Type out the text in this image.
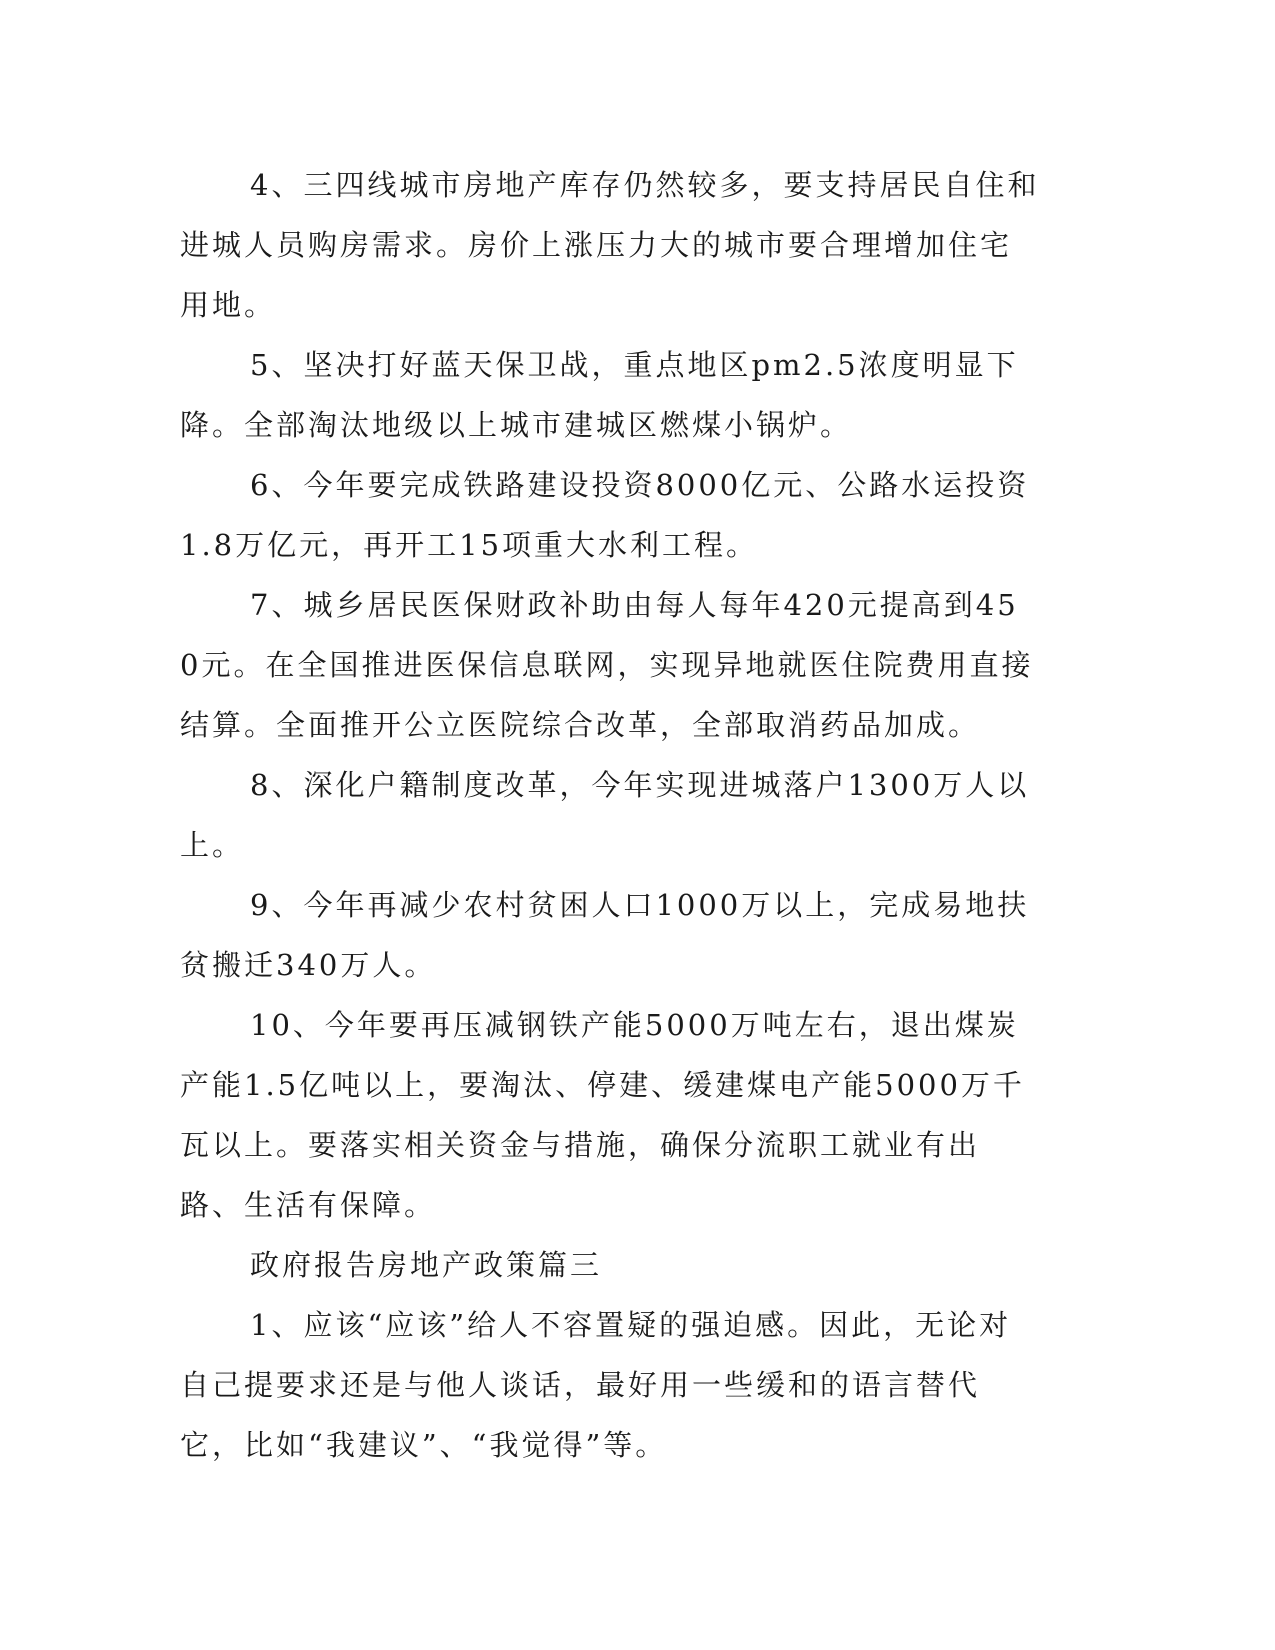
4、三四线城市房地产库存仍然较多，要支持居民自住和进城人员购房需求。房价上涨压力大的城市要合理增加住宅用地。

5、坚决打好蓝天保卫战，重点地区pm2.5浓度明显下降。全部淘汰地级以上城市建城区燃煤小锅炉。

6、今年要完成铁路建设投资8000亿元、公路水运投资1.8万亿元，再开工15项重大水利工程。

7、城乡居民医保财政补助由每人每年420元提高到450元。在全国推进医保信息联网，实现异地就医住院费用直接结算。全面推开公立医院综合改革，全部取消药品加成。

8、深化户籍制度改革，今年实现进城落户1300万人以上。

9、今年再减少农村贫困人口1000万以上，完成易地扶贫搬迁340万人。

10、今年要再压减钢铁产能5000万吨左右，退出煤炭产能1.5亿吨以上，要淘汰、停建、缓建煤电产能5000万千瓦以上。要落实相关资金与措施，确保分流职工就业有出路、生活有保障。

政府报告房地产政策篇三

1、应该“应该”给人不容置疑的强迫感。因此，无论对自己提要求还是与他人谈话，最好用一些缓和的语言替代它，比如“我建议”、“我觉得”等。
